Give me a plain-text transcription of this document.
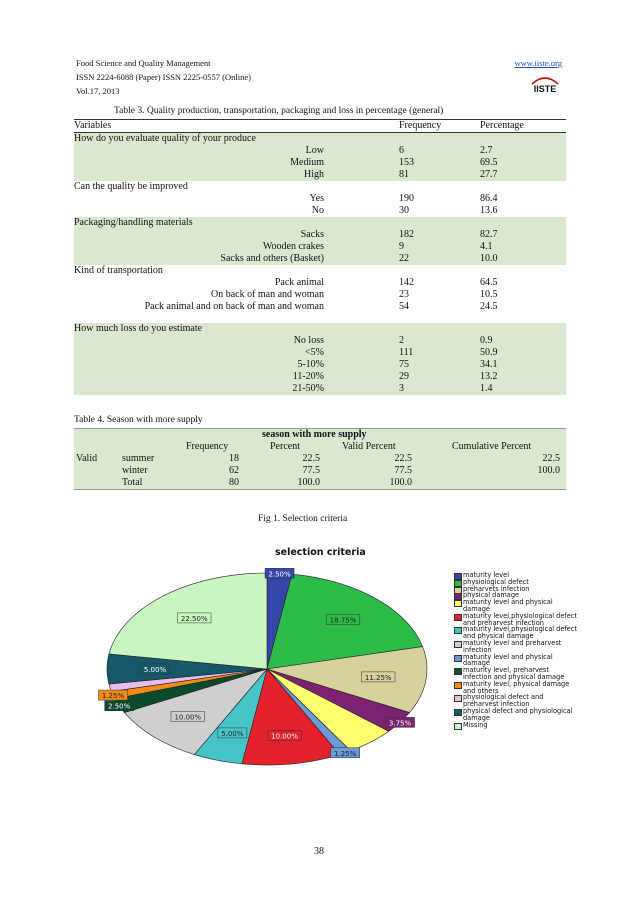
Food Science and Quality Management
ISSN 2224-6088 (Paper) ISSN 2225-0557 (Online)
Vol.17, 2013
www.iiste.org
IISTE
Table 3. Quality production, transportation, packaging and loss in percentage (general)
Variables	Frequency	Percentage
How do you evaluate quality of your produce
Low	6	2.7
Medium	153	69.5
High	81	27.7
Can the quality be improved
Yes	190	86.4
No	30	13.6
Packaging/handling materials
Sacks	182	82.7
Wooden crakes	9	4.1
Sacks and others (Basket)	22	10.0
Kind of transportation
Pack animal	142	64.5
On back of man and woman	23	10.5
Pack animal and on back of man and woman	54	24.5
How much loss do you estimate
No loss	2	0.9
<5%	111	50.9
5-10%	75	34.1
11-20%	29	13.2
21-50%	3	1.4
Table 4. Season with more supply
season with more supply
Frequency	Percent	Valid Percent	Cumulative Percent
Valid summer	18	22.5	22.5	22.5
winter	62	77.5	77.5	100.0
Total	80	100.0	100.0
Fig 1. Selection criteria
selection criteria
2.50%
18.75%
11.25%
3.75%
1.25%
10.00%
5.00%
10.00%
2.50%
1.25%
5.00%
22.50%
maturity level
physiological defect
preharvets infection
physical damage
maturity level and physical damage
maturity level,physiological defect and preharvest infection
maturity level,physiological defect and physical damage
maturity level and preharvest infection
maturity level and physical damage
maturity level, preharvest infection and physical damage
maturity level, physical damage and others
physiological defect and preharvest infection
physical defect and physiological damage
Missing
38
